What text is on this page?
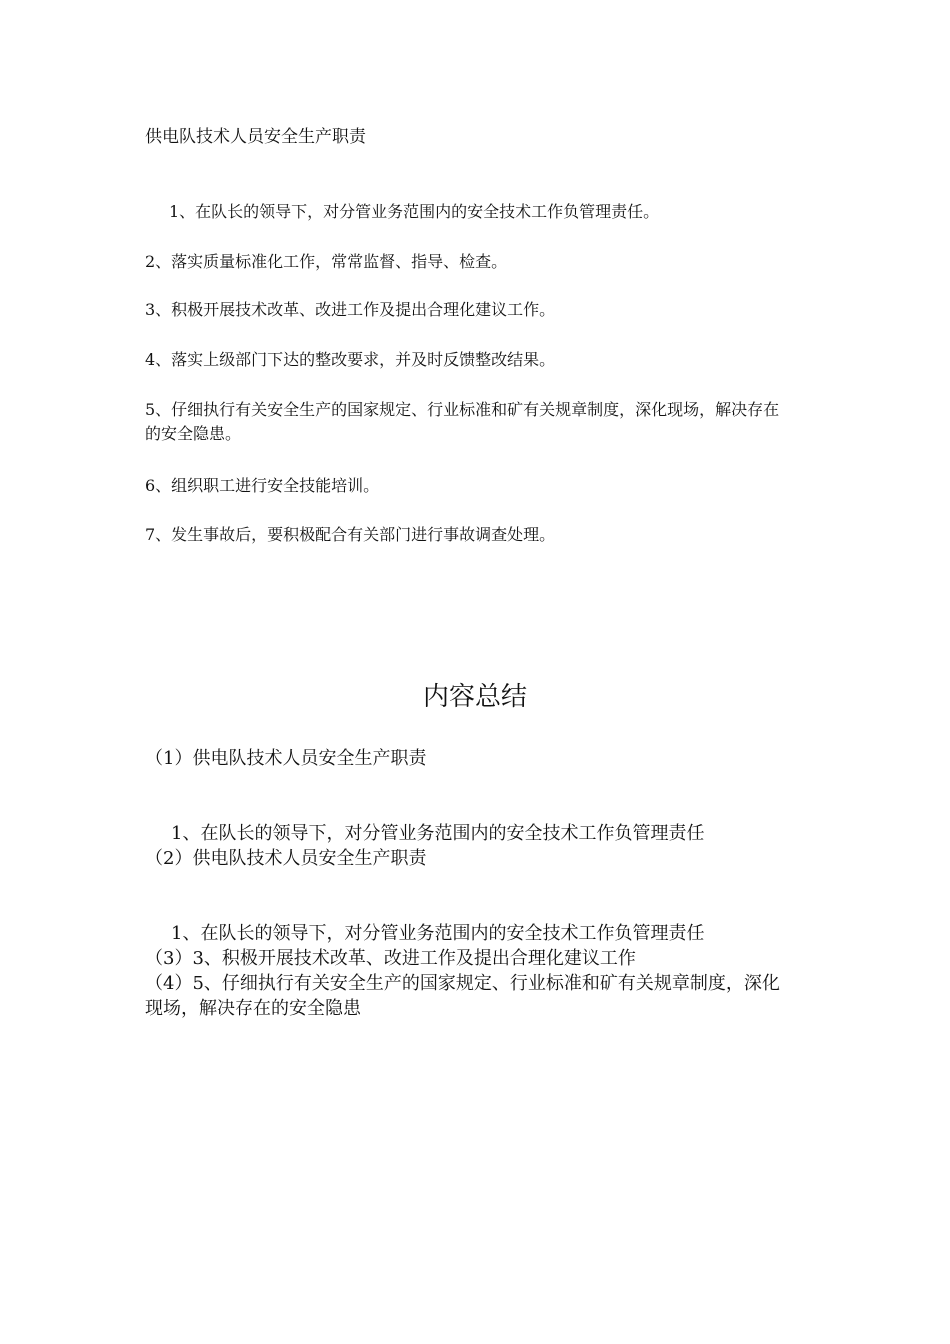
供电队技术人员安全生产职责
1、在队长的领导下，对分管业务范围内的安全技术工作负管理责任。
2、落实质量标准化工作，常常监督、指导、检查。
3、积极开展技术改革、改进工作及提出合理化建议工作。
4、落实上级部门下达的整改要求，并及时反馈整改结果。
5、仔细执行有关安全生产的国家规定、行业标准和矿有关规章制度，深化现场，解决存在的安全隐患。
6、组织职工进行安全技能培训。
7、发生事故后，要积极配合有关部门进行事故调查处理。
内容总结
（1）供电队技术人员安全生产职责
1、在队长的领导下，对分管业务范围内的安全技术工作负管理责任
（2）供电队技术人员安全生产职责
1、在队长的领导下，对分管业务范围内的安全技术工作负管理责任
（3）3、积极开展技术改革、改进工作及提出合理化建议工作
（4）5、仔细执行有关安全生产的国家规定、行业标准和矿有关规章制度，深化现场，解决存在的安全隐患
